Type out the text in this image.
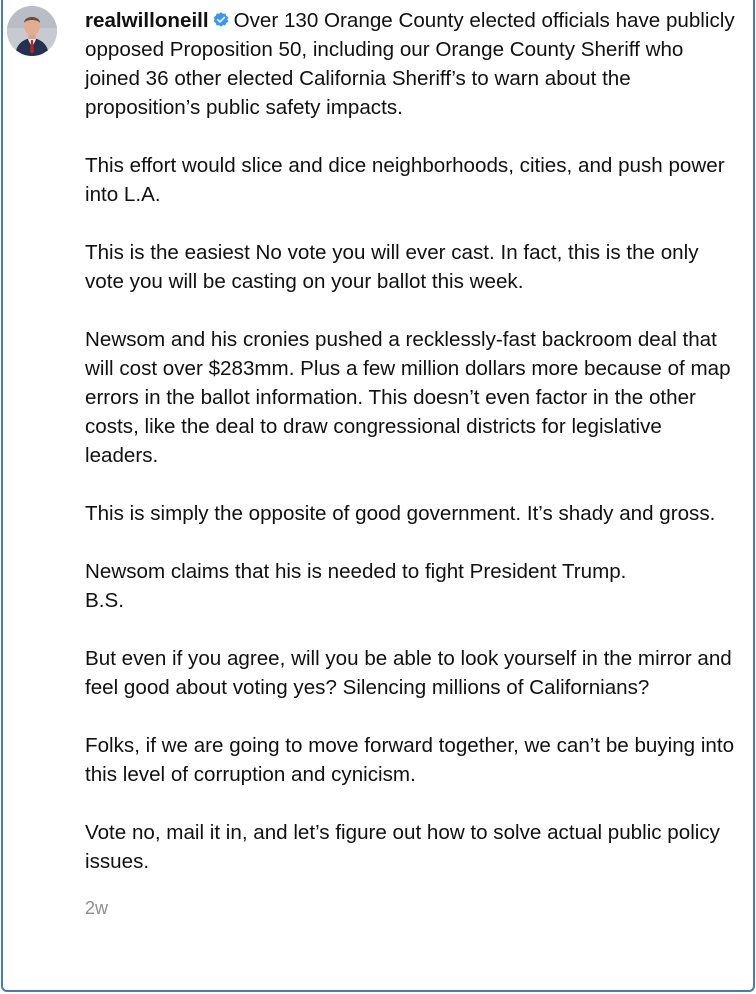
realwilloneill Over 130 Orange County elected officials have publicly opposed Proposition 50, including our Orange County Sheriff who joined 36 other elected California Sheriff’s to warn about the proposition’s public safety impacts.
This effort would slice and dice neighborhoods, cities, and push power into L.A.
This is the easiest No vote you will ever cast. In fact, this is the only vote you will be casting on your ballot this week.
Newsom and his cronies pushed a recklessly-fast backroom deal that will cost over $283mm. Plus a few million dollars more because of map errors in the ballot information. This doesn’t even factor in the other costs, like the deal to draw congressional districts for legislative leaders.
This is simply the opposite of good government. It’s shady and gross.
Newsom claims that his is needed to fight President Trump.
B.S.
But even if you agree, will you be able to look yourself in the mirror and feel good about voting yes? Silencing millions of Californians?
Folks, if we are going to move forward together, we can’t be buying into this level of corruption and cynicism.
Vote no, mail it in, and let’s figure out how to solve actual public policy issues.
2w
